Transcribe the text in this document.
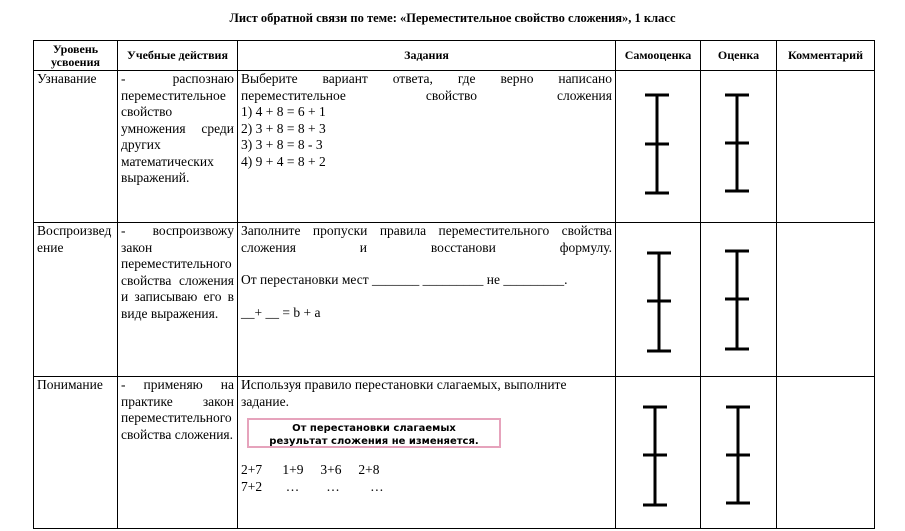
Лист обратной связи по теме: «Переместительное свойство сложения», 1 класс
Уровень усвоения	Учебные действия	Задания	Самооценка	Оценка	Комментарий
Узнавание	- распознаю переместительное свойство умножения среди других математических выражений.	Выберите вариант ответа, где верно написано переместительное свойство сложения
1) 4 + 8 = 6 + 1
2) 3 + 8 = 8 + 3
3) 3 + 8 = 8 - 3
4) 9 + 4 = 8 + 2

Воспроизведение	- воспроизвожу закон переместительного свойства сложения и записываю его в виде выражения.	Заполните пропуски правила переместительного свойства сложения и восстанови формулу.
От перестановки мест _______ _________ не _________.
__+ __ = b + a

Понимание	- применяю на практике закон переместительного свойства сложения.	Используя правило перестановки слагаемых, выполните задание.
От перестановки слагаемых
результат сложения не изменяется.
2+7      1+9     3+6     2+8
7+2       …        …         …
